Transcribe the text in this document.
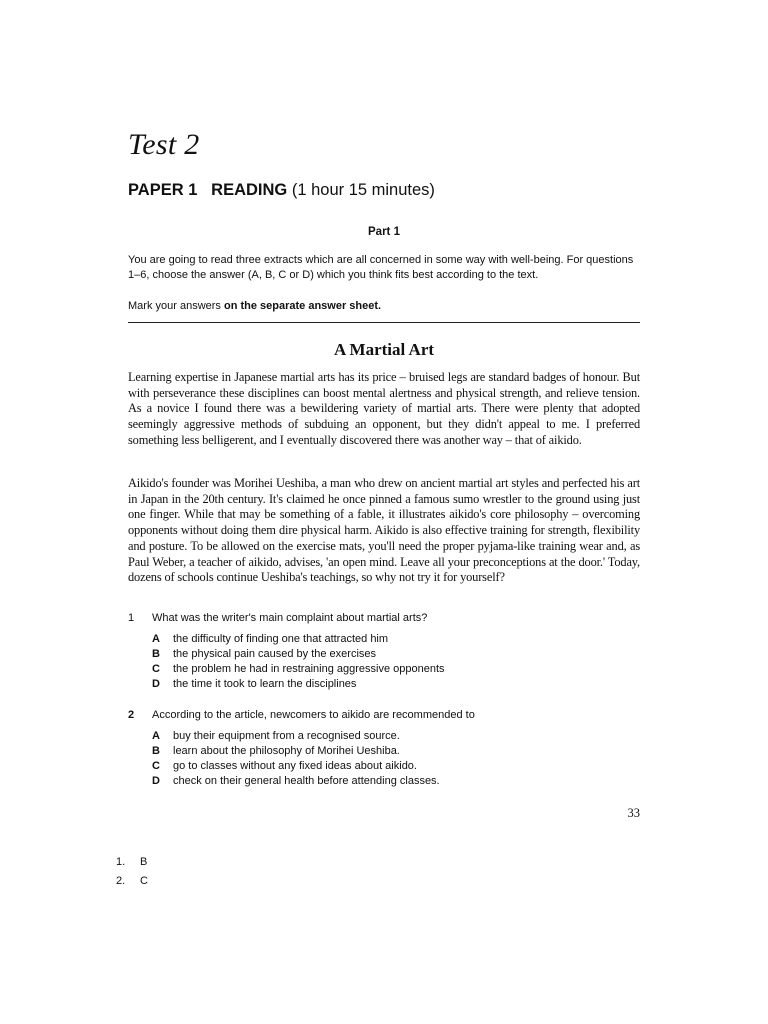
Test 2
PAPER 1 READING (1 hour 15 minutes)
Part 1
You are going to read three extracts which are all concerned in some way with well-being. For questions 1–6, choose the answer (A, B, C or D) which you think fits best according to the text.
Mark your answers on the separate answer sheet.
A Martial Art
Learning expertise in Japanese martial arts has its price – bruised legs are standard badges of honour. But with perseverance these disciplines can boost mental alertness and physical strength, and relieve tension. As a novice I found there was a bewildering variety of martial arts. There were plenty that adopted seemingly aggressive methods of subduing an opponent, but they didn't appeal to me. I preferred something less belligerent, and I eventually discovered there was another way – that of aikido.
Aikido's founder was Morihei Ueshiba, a man who drew on ancient martial art styles and perfected his art in Japan in the 20th century. It's claimed he once pinned a famous sumo wrestler to the ground using just one finger. While that may be something of a fable, it illustrates aikido's core philosophy – overcoming opponents without doing them dire physical harm. Aikido is also effective training for strength, flexibility and posture. To be allowed on the exercise mats, you'll need the proper pyjama-like training wear and, as Paul Weber, a teacher of aikido, advises, 'an open mind. Leave all your preconceptions at the door.' Today, dozens of schools continue Ueshiba's teachings, so why not try it for yourself?
1 What was the writer's main complaint about martial arts?
A the difficulty of finding one that attracted him
B the physical pain caused by the exercises
C the problem he had in restraining aggressive opponents
D the time it took to learn the disciplines
2 According to the article, newcomers to aikido are recommended to
A buy their equipment from a recognised source.
B learn about the philosophy of Morihei Ueshiba.
C go to classes without any fixed ideas about aikido.
D check on their general health before attending classes.
33
1. B
2. C
